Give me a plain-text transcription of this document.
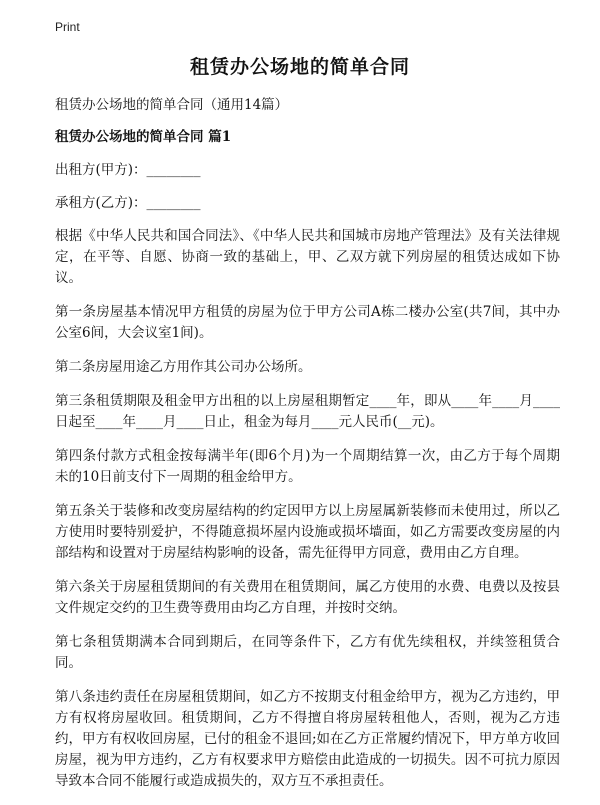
Print
租赁办公场地的简单合同
租赁办公场地的简单合同（通用14篇）
租赁办公场地的简单合同 篇1
出租方(甲方)：________
承租方(乙方)：________

根据《中华人民共和国合同法》、《中华人民共和国城市房地产管理法》及有关法律规定，在平等、自愿、协商一致的基础上，甲、乙双方就下列房屋的租赁达成如下协议。

第一条房屋基本情况甲方租赁的房屋为位于甲方公司A栋二楼办公室(共7间，其中办公室6间，大会议室1间)。

第二条房屋用途乙方用作其公司办公场所。

第三条租赁期限及租金甲方出租的以上房屋租期暂定____年，即从____年____月____日起至____年____月____日止，租金为每月____元人民币(__元)。

第四条付款方式租金按每满半年(即6个月)为一个周期结算一次，由乙方于每个周期未的10日前支付下一周期的租金给甲方。

第五条关于装修和改变房屋结构的约定因甲方以上房屋属新装修而未使用过，所以乙方使用时要特别爱护，不得随意损坏屋内设施或损坏墙面，如乙方需要改变房屋的内部结构和设置对于房屋结构影响的设备，需先征得甲方同意，费用由乙方自理。

第六条关于房屋租赁期间的有关费用在租赁期间，属乙方使用的水费、电费以及按县文件规定交约的卫生费等费用由均乙方自理，并按时交纳。

第七条租赁期满本合同到期后，在同等条件下，乙方有优先续租权，并续签租赁合同。

第八条违约责任在房屋租赁期间，如乙方不按期支付租金给甲方，视为乙方违约，甲方有权将房屋收回。租赁期间，乙方不得擅自将房屋转租他人，否则，视为乙方违约，甲方有权收回房屋，已付的租金不退回;如在乙方正常履约情况下，甲方单方收回房屋，视为甲方违约，乙方有权要求甲方赔偿由此造成的一切损失。因不可抗力原因导致本合同不能履行或造成损失的，双方互不承担责任。
